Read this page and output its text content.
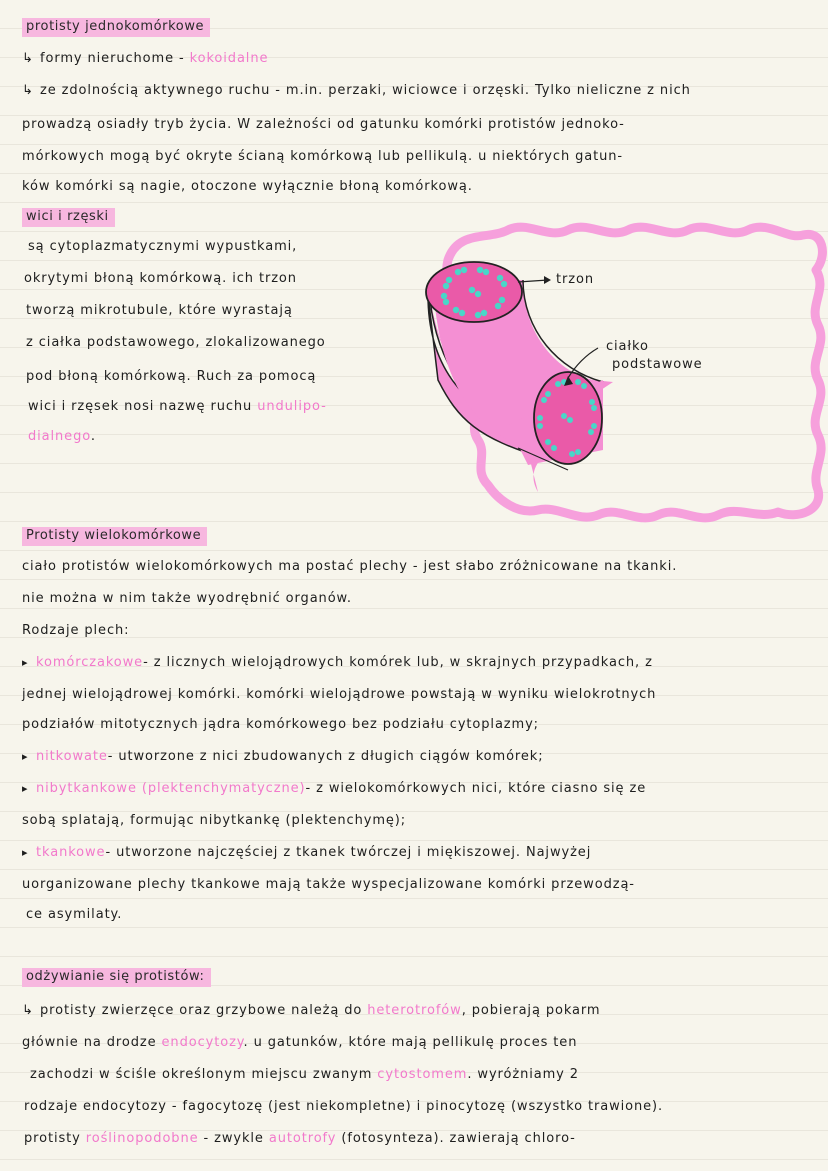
protisty jednokomórkowe
↳ formy nieruchome - kokoidalne
↳ ze zdolnością aktywnego ruchu - m.in. perzaki, wiciowce i orzęski. Tylko nieliczne z nich
prowadzą osiadły tryb życia. W zależności od gatunku komórki protistów jednoko-
mórkowych mogą być okryte ścianą komórkową lub pellikulą. u niektórych gatun-
ków komórki są nagie, otoczone wyłącznie błoną komórkową.
wici i rzęski
są cytoplazmatycznymi wypustkami,
okrytymi błoną komórkową. ich trzon
tworzą mikrotubule, które wyrastają
z ciałka podstawowego, zlokalizowanego
pod błoną komórkową. Ruch za pomocą
wici i rzęsek nosi nazwę ruchu undulipo-
dialnego.
trzon
ciałko
podstawowe
Protisty wielokomórkowe
ciało protistów wielokomórkowych ma postać plechy - jest słabo zróżnicowane na tkanki.
nie można w nim także wyodrębnić organów.
Rodzaje plech:
▸ komórczakowe- z licznych wielojądrowych komórek lub, w skrajnych przypadkach, z
jednej wielojądrowej komórki. komórki wielojądrowe powstają w wyniku wielokrotnych
podziałów mitotycznych jądra komórkowego bez podziału cytoplazmy;
▸ nitkowate- utworzone z nici zbudowanych z długich ciągów komórek;
▸ nibytkankowe (plektenchymatyczne)- z wielokomórkowych nici, które ciasno się ze
sobą splatają, formując nibytkankę (plektenchymę);
▸ tkankowe- utworzone najczęściej z tkanek twórczej i miękiszowej. Najwyżej
uorganizowane plechy tkankowe mają także wyspecjalizowane komórki przewodzą-
ce asymilaty.
odżywianie się protistów:
↳ protisty zwierzęce oraz grzybowe należą do heterotrofów, pobierają pokarm
głównie na drodze endocytozy. u gatunków, które mają pellikulę proces ten
zachodzi w ściśle określonym miejscu zwanym cytostomem. wyróżniamy 2
rodzaje endocytozy - fagocytozę (jest niekompletne) i pinocytozę (wszystko trawione).
protisty roślinopodobne - zwykle autotrofy (fotosynteza). zawierają chloro-
